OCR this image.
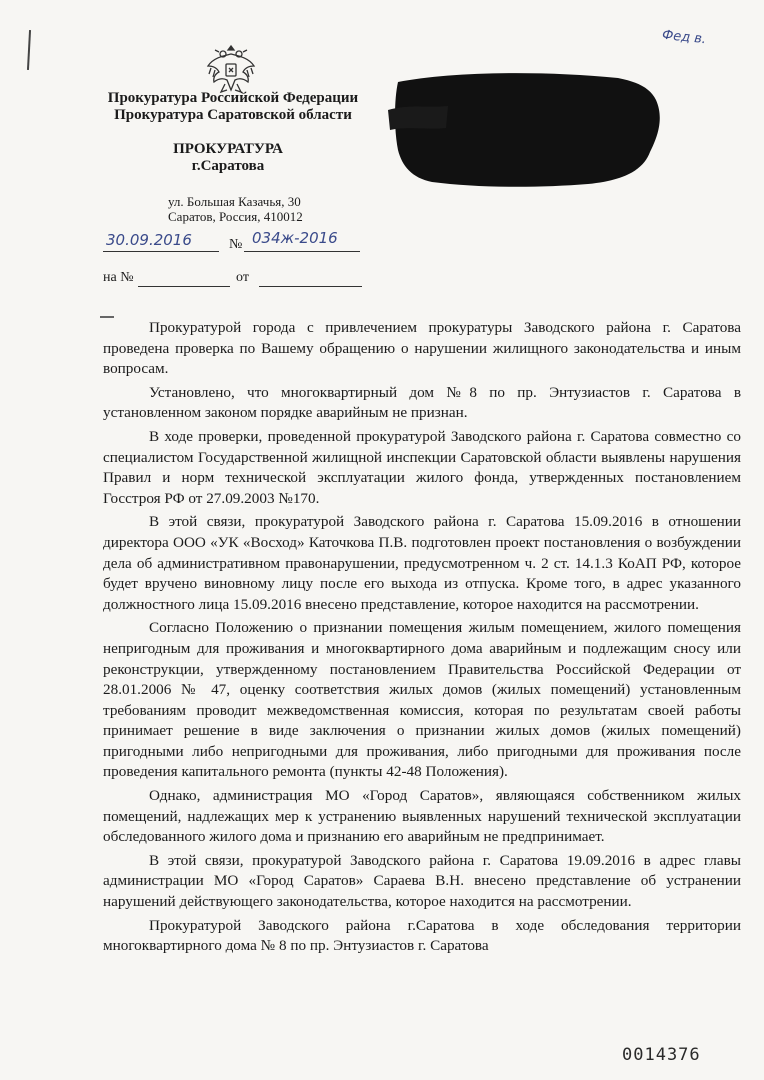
Фед в.
Прокуратура Российской Федерации
Прокуратура Саратовской области
ПРОКУРАТУРА
г.Саратова
ул. Большая Казачья, 30
Саратов, Россия, 410012
30.09.2016	№ 034ж-2016
на №	от

Прокуратурой города с привлечением прокуратуры Заводского района г. Саратова проведена проверка по Вашему обращению о нарушении жилищного законодательства и иным вопросам.

Установлено, что многоквартирный дом №8 по пр. Энтузиастов г. Саратова в установленном законом порядке аварийным не признан.

В ходе проверки, проведенной прокуратурой Заводского района г. Саратова совместно со специалистом Государственной жилищной инспекции Саратовской области выявлены нарушения Правил и норм технической эксплуатации жилого фонда, утвержденных постановлением Госстроя РФ от 27.09.2003 №170.

В этой связи, прокуратурой Заводского района г. Саратова 15.09.2016 в отношении директора ООО «УК «Восход» Каточкова П.В. подготовлен проект постановления о возбуждении дела об административном правонарушении, предусмотренном ч. 2 ст. 14.1.3 КоАП РФ, которое будет вручено виновному лицу после его выхода из отпуска. Кроме того, в адрес указанного должностного лица 15.09.2016 внесено представление, которое находится на рассмотрении.

Согласно Положению о признании помещения жилым помещением, жилого помещения непригодным для проживания и многоквартирного дома аварийным и подлежащим сносу или реконструкции, утвержденному постановлением Правительства Российской Федерации от 28.01.2006 № 47, оценку соответствия жилых домов (жилых помещений) установленным требованиям проводит межведомственная комиссия, которая по результатам своей работы принимает решение в виде заключения о признании жилых домов (жилых помещений) пригодными либо непригодными для проживания, либо пригодными для проживания после проведения капитального ремонта (пункты 42-48 Положения).

Однако, администрация МО «Город Саратов», являющаяся собственником жилых помещений, надлежащих мер к устранению выявленных нарушений технической эксплуатации обследованного жилого дома и признанию его аварийным не предпринимает.

В этой связи, прокуратурой Заводского района г. Саратова 19.09.2016 в адрес главы администрации МО «Город Саратов» Сараева В.Н. внесено представление об устранении нарушений действующего законодательства, которое находится на рассмотрении.

Прокуратурой Заводского района г.Саратова в ходе обследования территории многоквартирного дома № 8 по пр. Энтузиастов г. Саратова

0014376
